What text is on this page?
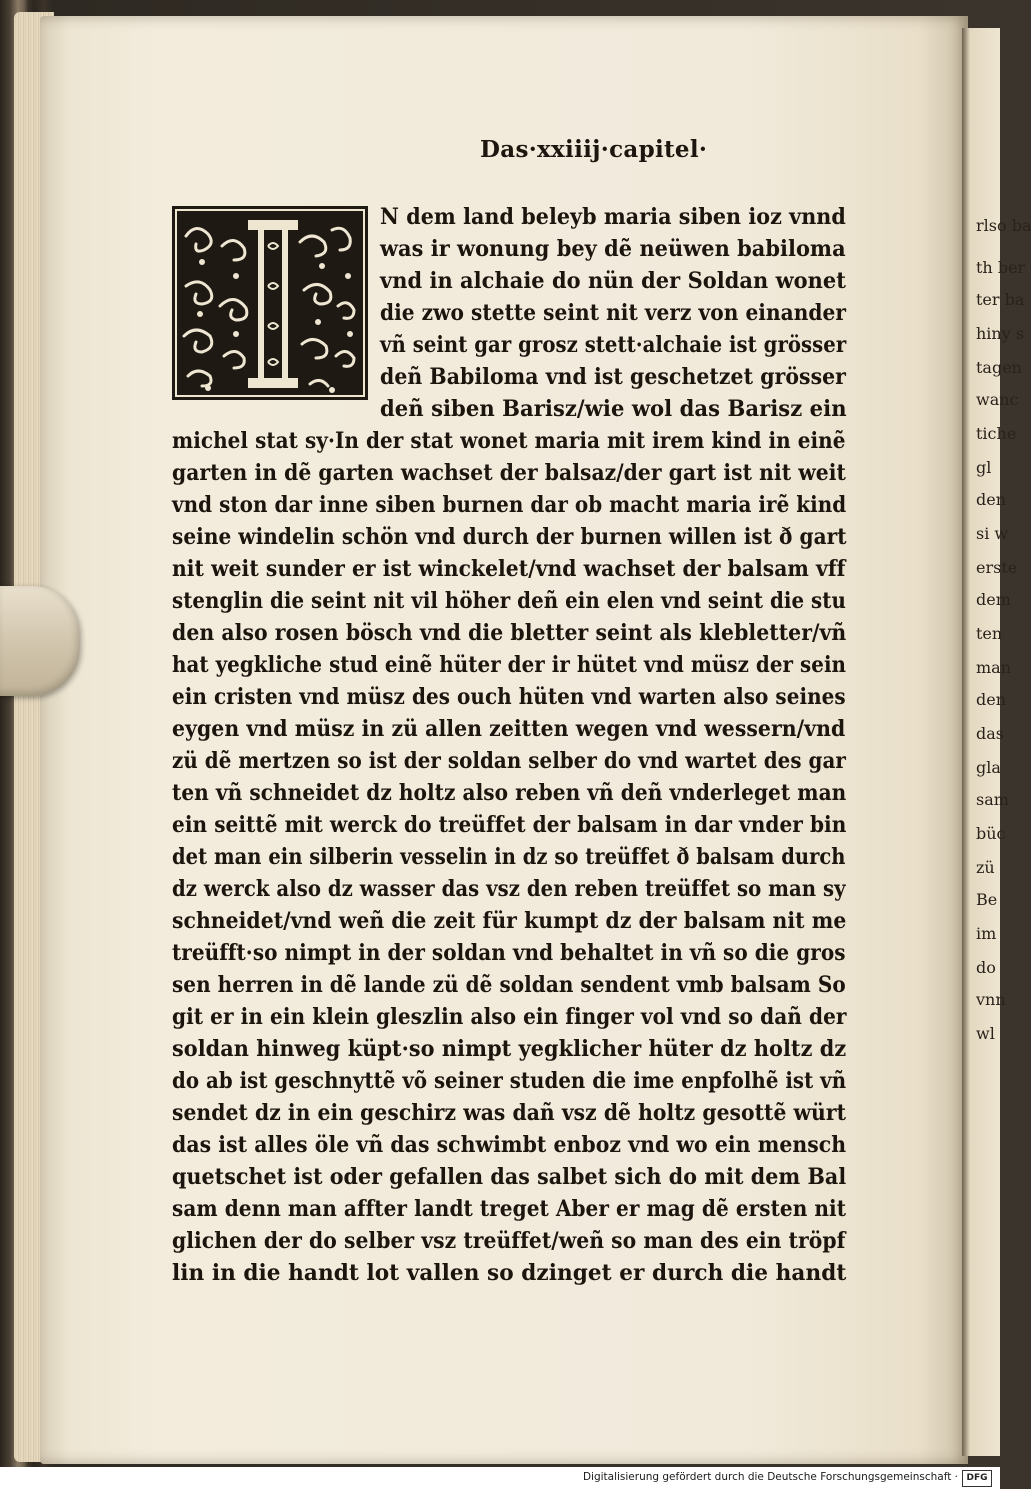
rlso ba
th ber
ter ba
hiny s
tagen
wanc
tiche
gl
den
si w
erste
dem
ten
man
den
das
gla
sam
büc
zü
Be
im
do
vnn
wl
Das·xxiiij·capitel·
N dem land beleyb maria siben ioz vnnd
was ir wonung bey dẽ neüwen babiloma
vnd in alchaie do nün der Soldan wonet
die zwo stette seint nit verz von einander
vñ seint gar grosz stett·alchaie ist grösser
deñ Babiloma vnd ist geschetzet grösser
deñ siben Barisz/wie wol das Barisz ein
michel stat sy·In der stat wonet maria mit irem kind in einẽ
garten in dẽ garten wachset der balsaz/der gart ist nit weit
vnd ston dar inne siben burnen dar ob macht maria irẽ kind
seine windelin schön vnd durch der burnen willen ist ð gart
nit weit sunder er ist winckelet/vnd wachset der balsam vff
stenglin die seint nit vil höher deñ ein elen vnd seint die stu
den also rosen bösch vnd die bletter seint als klebletter/vñ
hat yegkliche stud einẽ hüter der ir hütet vnd müsz der sein
ein cristen vnd müsz des ouch hüten vnd warten also seines
eygen vnd müsz in zü allen zeitten wegen vnd wessern/vnd
zü dẽ mertzen so ist der soldan selber do vnd wartet des gar
ten vñ schneidet dz holtz also reben vñ deñ vnderleget man
ein seittẽ mit werck do treüffet der balsam in dar vnder bin
det man ein silberin vesselin in dz so treüffet ð balsam durch
dz werck also dz wasser das vsz den reben treüffet so man sy
schneidet/vnd weñ die zeit für kumpt dz der balsam nit me
treüfft·so nimpt in der soldan vnd behaltet in vñ so die gros
sen herren in dẽ lande zü dẽ soldan sendent vmb balsam So
git er in ein klein gleszlin also ein finger vol vnd so dañ der
soldan hinweg küpt·so nimpt yegklicher hüter dz holtz dz
do ab ist geschnyttẽ võ seiner studen die ime enpfolhẽ ist vñ
sendet dz in ein geschirz was dañ vsz dẽ holtz gesottẽ würt
das ist alles öle vñ das schwimbt enboz vnd wo ein mensch
quetschet ist oder gefallen das salbet sich do mit dem Bal
sam denn man affter landt treget Aber er mag dẽ ersten nit
glichen der do selber vsz treüffet/weñ so man des ein tröpf
lin in die handt lot vallen so dzinget er durch die handt
Digitalisierung gefördert durch die Deutsche Forschungsgemeinschaft · DFG
